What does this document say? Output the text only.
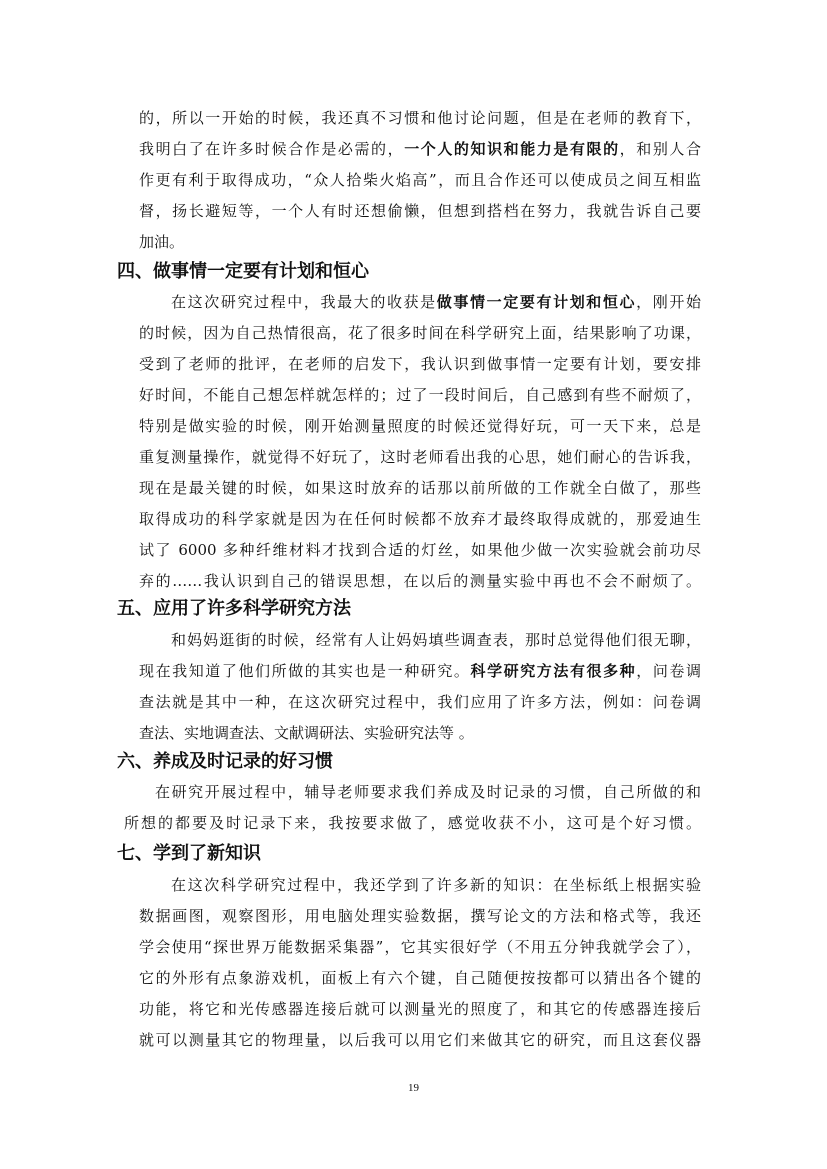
的，所以一开始的时候，我还真不习惯和他讨论问题，但是在老师的教育下，
我明白了在许多时候合作是必需的，一个人的知识和能力是有限的，和别人合
作更有利于取得成功，“众人拾柴火焰高”，而且合作还可以使成员之间互相监
督，扬长避短等，一个人有时还想偷懒，但想到搭档在努力，我就告诉自己要
加油。
四、做事情一定要有计划和恒心
在这次研究过程中，我最大的收获是做事情一定要有计划和恒心，刚开始
的时候，因为自己热情很高，花了很多时间在科学研究上面，结果影响了功课，
受到了老师的批评，在老师的启发下，我认识到做事情一定要有计划，要安排
好时间，不能自己想怎样就怎样的；过了一段时间后，自己感到有些不耐烦了，
特别是做实验的时候，刚开始测量照度的时候还觉得好玩，可一天下来，总是
重复测量操作，就觉得不好玩了，这时老师看出我的心思，她们耐心的告诉我，
现在是最关键的时候，如果这时放弃的话那以前所做的工作就全白做了，那些
取得成功的科学家就是因为在任何时候都不放弃才最终取得成就的，那爱迪生
试了 6000 多种纤维材料才找到合适的灯丝，如果他少做一次实验就会前功尽
弃的……我认识到自己的错误思想，在以后的测量实验中再也不会不耐烦了。
五、应用了许多科学研究方法
和妈妈逛街的时候，经常有人让妈妈填些调查表，那时总觉得他们很无聊，
现在我知道了他们所做的其实也是一种研究。科学研究方法有很多种，问卷调
查法就是其中一种，在这次研究过程中，我们应用了许多方法，例如：问卷调
查法、实地调查法、文献调研法、实验研究法等 。
六、养成及时记录的好习惯
在研究开展过程中，辅导老师要求我们养成及时记录的习惯，自己所做的和
所想的都要及时记录下来，我按要求做了，感觉收获不小，这可是个好习惯。
七、学到了新知识
在这次科学研究过程中，我还学到了许多新的知识：在坐标纸上根据实验
数据画图，观察图形，用电脑处理实验数据，撰写论文的方法和格式等，我还
学会使用“探世界万能数据采集器”，它其实很好学（不用五分钟我就学会了），
它的外形有点象游戏机，面板上有六个键，自己随便按按都可以猜出各个键的
功能，将它和光传感器连接后就可以测量光的照度了，和其它的传感器连接后
就可以测量其它的物理量，以后我可以用它们来做其它的研究，而且这套仪器
19
